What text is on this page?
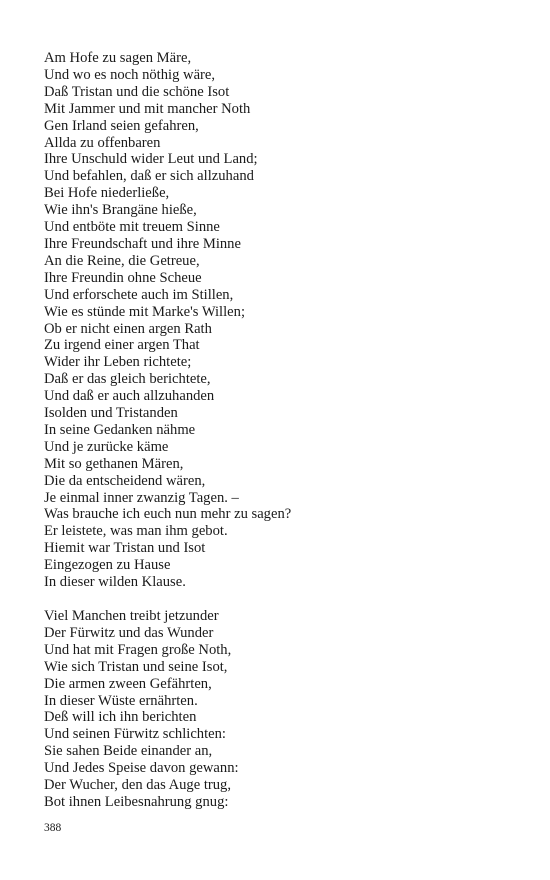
Am Hofe zu sagen Märe,
Und wo es noch nöthig wäre,
Daß Tristan und die schöne Isot
Mit Jammer und mit mancher Noth
Gen Irland seien gefahren,
Allda zu offenbaren
Ihre Unschuld wider Leut und Land;
Und befahlen, daß er sich allzuhand
Bei Hofe niederließe,
Wie ihn's Brangäne hieße,
Und entböte mit treuem Sinne
Ihre Freundschaft und ihre Minne
An die Reine, die Getreue,
Ihre Freundin ohne Scheue
Und erforschete auch im Stillen,
Wie es stünde mit Marke's Willen;
Ob er nicht einen argen Rath
Zu irgend einer argen That
Wider ihr Leben richtete;
Daß er das gleich berichtete,
Und daß er auch allzuhanden
Isolden und Tristanden
In seine Gedanken nähme
Und je zurücke käme
Mit so gethanen Mären,
Die da entscheidend wären,
Je einmal inner zwanzig Tagen. –
Was brauche ich euch nun mehr zu sagen?
Er leistete, was man ihm gebot.
Hiemit war Tristan und Isot
Eingezogen zu Hause
In dieser wilden Klause.
Viel Manchen treibt jetzunder
Der Fürwitz und das Wunder
Und hat mit Fragen große Noth,
Wie sich Tristan und seine Isot,
Die armen zween Gefährten,
In dieser Wüste ernährten.
Deß will ich ihn berichten
Und seinen Fürwitz schlichten:
Sie sahen Beide einander an,
Und Jedes Speise davon gewann:
Der Wucher, den das Auge trug,
Bot ihnen Leibesnahrung gnug:
388
